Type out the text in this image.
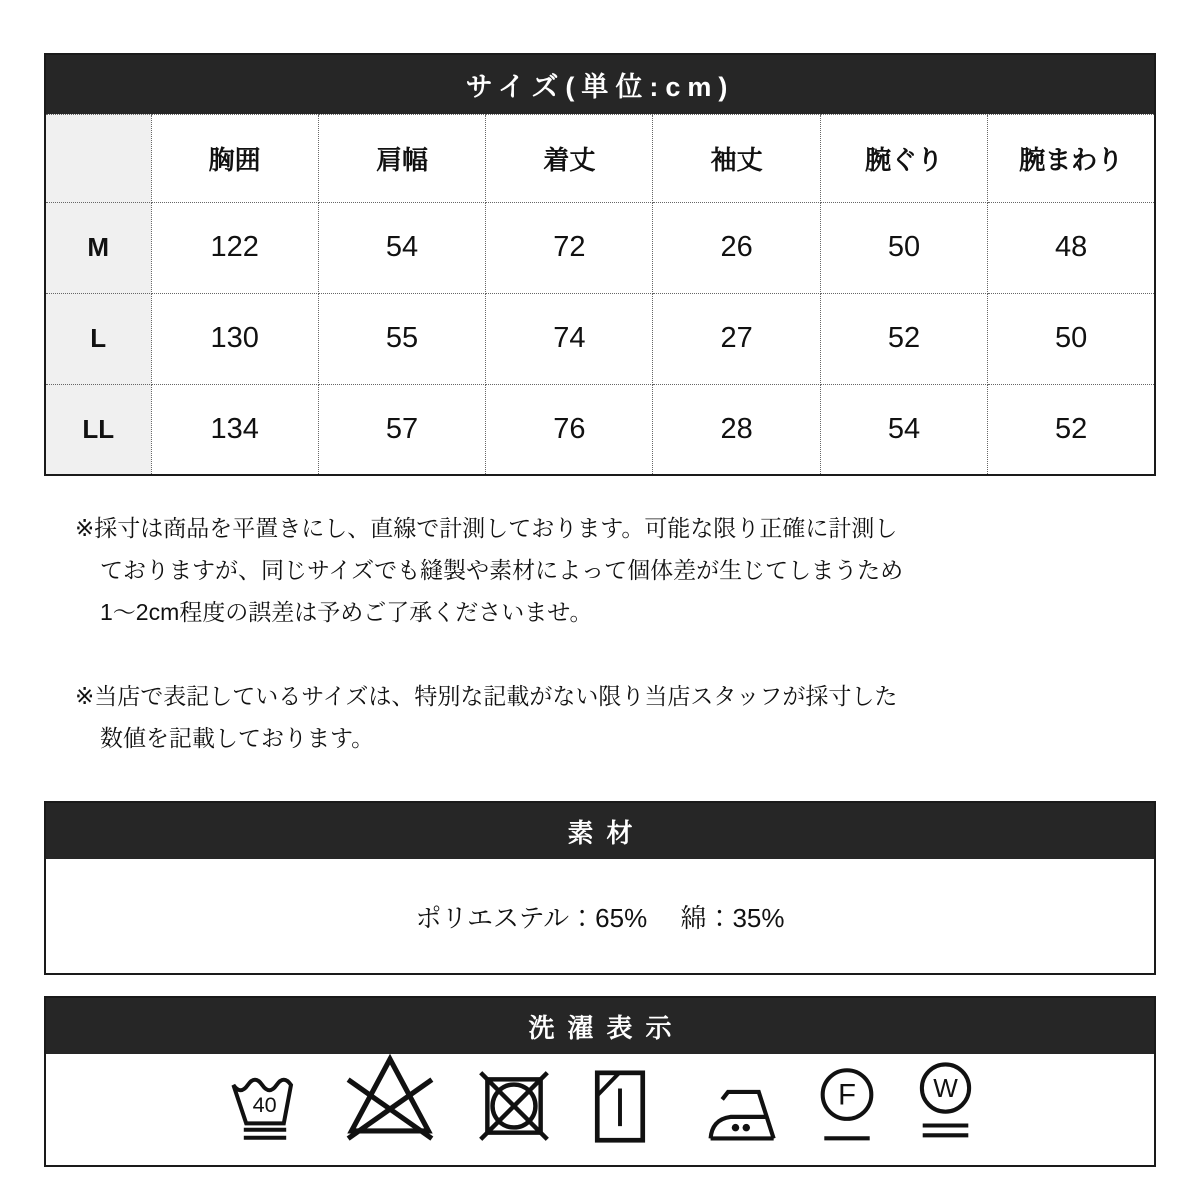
サイズ(単位:cm)						
	胸囲	肩幅	着丈	袖丈	腕ぐり	腕まわり
M	122	54	72	26	50	48
L	130	55	74	27	52	50
LL	134	57	76	28	54	52

※採寸は商品を平置きにし、直線で計測しております。可能な限り正確に計測し
ておりますが、同じサイズでも縫製や素材によって個体差が生じてしまうため
1〜2cm程度の誤差は予めご了承くださいませ。

※当店で表記しているサイズは、特別な記載がない限り当店スタッフが採寸した
数値を記載しております。

素材
ポリエステル：65%　 綿：35%
洗濯表示
40	F W
